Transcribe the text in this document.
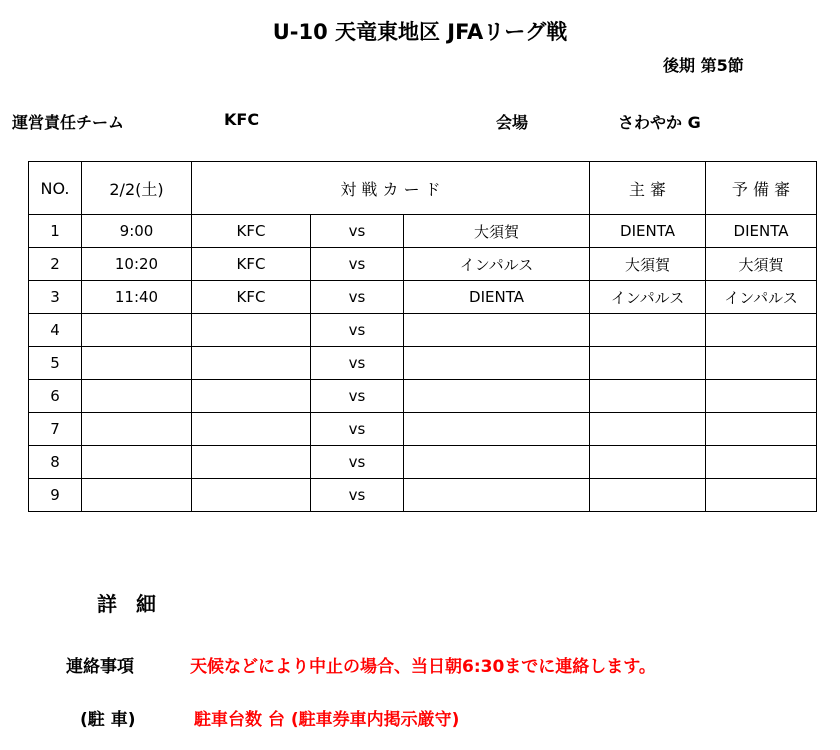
U-10 天竜東地区 JFAリーグ戦
後期 第5節
運営責任チーム	KFC	会場	さわやか G
NO.	2/2(土)	対 戦 カ ー ド			主 審	予 備 審
1	9:00	KFC	vs	大須賀	DIENTA	DIENTA
2	10:20	KFC	vs	インパルス	大須賀	大須賀
3	11:40	KFC	vs	DIENTA	インパルス	インパルス
4			vs			
5			vs			
6			vs			
7			vs			
8			vs			
9			vs			
詳 細
連絡事項	天候などにより中止の場合、当日朝6:30までに連絡します。
(駐 車)	駐車台数 台 (駐車券車内掲示厳守)
